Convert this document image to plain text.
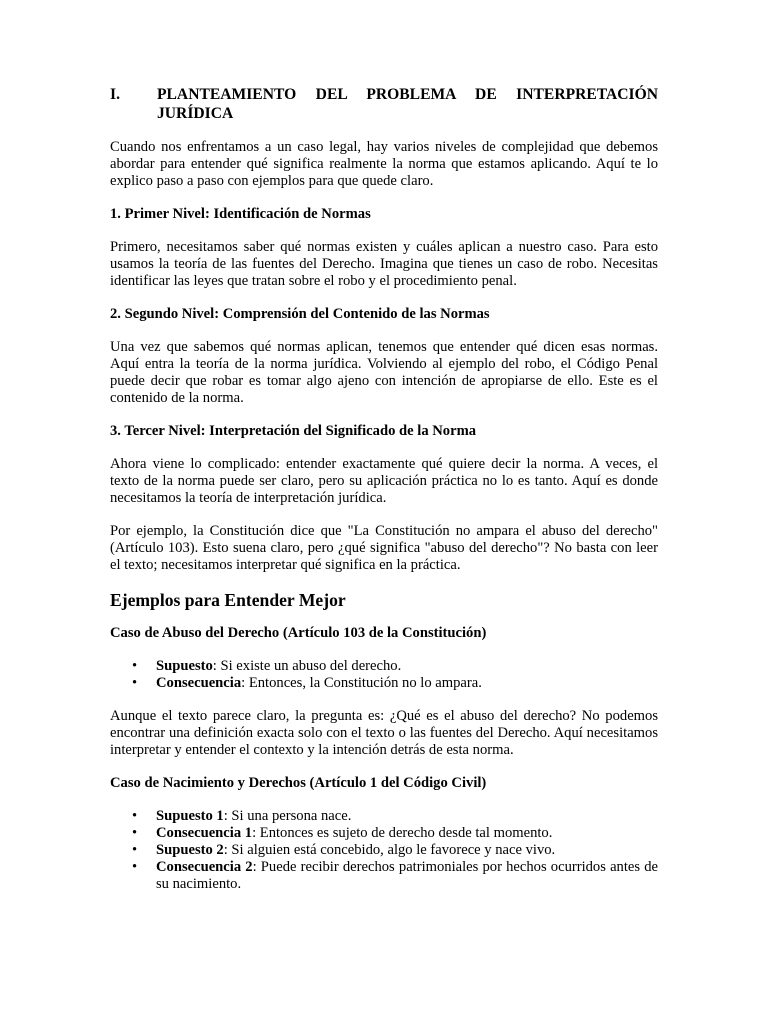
I.	PLANTEAMIENTO DEL PROBLEMA DE INTERPRETACIÓN JURÍDICA

Cuando nos enfrentamos a un caso legal, hay varios niveles de complejidad que debemos abordar para entender qué significa realmente la norma que estamos aplicando. Aquí te lo explico paso a paso con ejemplos para que quede claro.

1. Primer Nivel: Identificación de Normas

Primero, necesitamos saber qué normas existen y cuáles aplican a nuestro caso. Para esto usamos la teoría de las fuentes del Derecho. Imagina que tienes un caso de robo. Necesitas identificar las leyes que tratan sobre el robo y el procedimiento penal.

2. Segundo Nivel: Comprensión del Contenido de las Normas

Una vez que sabemos qué normas aplican, tenemos que entender qué dicen esas normas. Aquí entra la teoría de la norma jurídica. Volviendo al ejemplo del robo, el Código Penal puede decir que robar es tomar algo ajeno con intención de apropiarse de ello. Este es el contenido de la norma.

3. Tercer Nivel: Interpretación del Significado de la Norma

Ahora viene lo complicado: entender exactamente qué quiere decir la norma. A veces, el texto de la norma puede ser claro, pero su aplicación práctica no lo es tanto. Aquí es donde necesitamos la teoría de interpretación jurídica.

Por ejemplo, la Constitución dice que "La Constitución no ampara el abuso del derecho" (Artículo 103). Esto suena claro, pero ¿qué significa "abuso del derecho"? No basta con leer el texto; necesitamos interpretar qué significa en la práctica.

Ejemplos para Entender Mejor
Caso de Abuso del Derecho (Artículo 103 de la Constitución)
• Supuesto: Si existe un abuso del derecho.
• Consecuencia: Entonces, la Constitución no lo ampara.

Aunque el texto parece claro, la pregunta es: ¿Qué es el abuso del derecho? No podemos encontrar una definición exacta solo con el texto o las fuentes del Derecho. Aquí necesitamos interpretar y entender el contexto y la intención detrás de esta norma.

Caso de Nacimiento y Derechos (Artículo 1 del Código Civil)
• Supuesto 1: Si una persona nace.
• Consecuencia 1: Entonces es sujeto de derecho desde tal momento.
• Supuesto 2: Si alguien está concebido, algo le favorece y nace vivo.
• Consecuencia 2: Puede recibir derechos patrimoniales por hechos ocurridos antes de su nacimiento.
